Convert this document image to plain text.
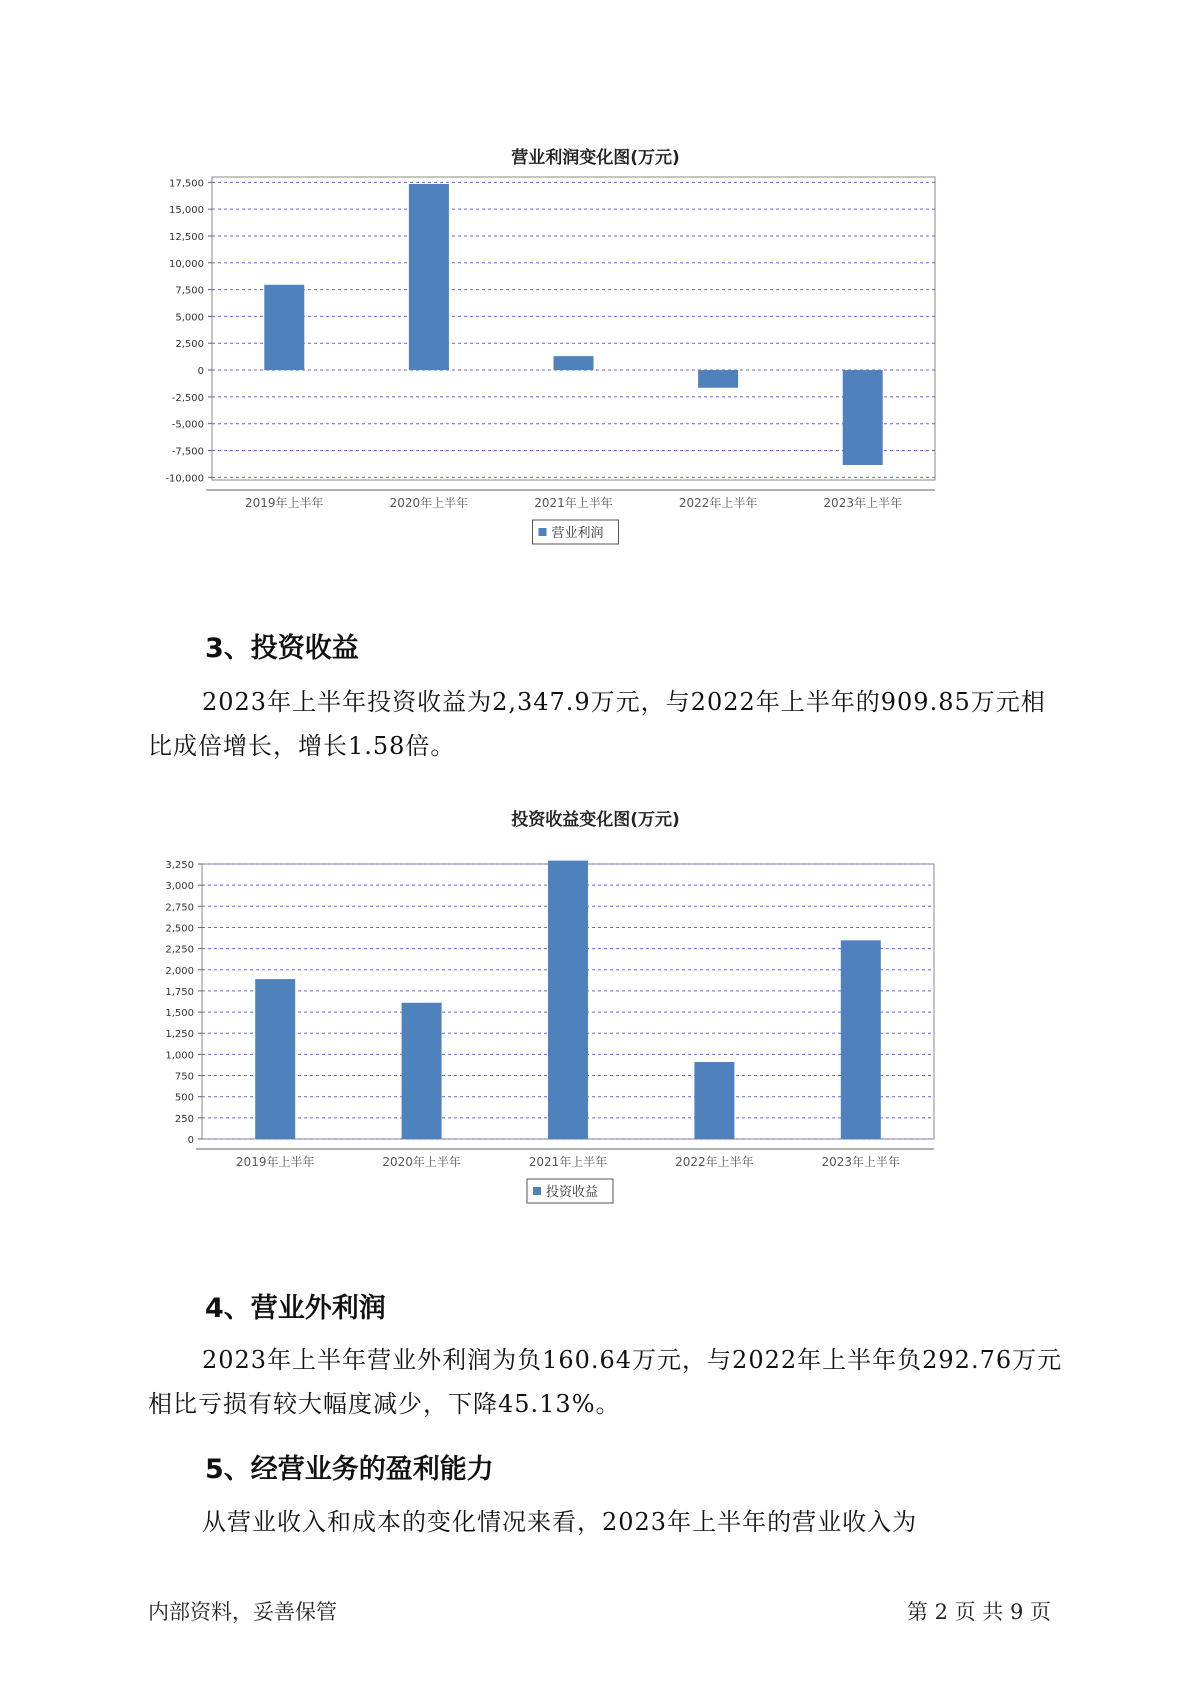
营业利润变化图(万元)
17,500
15,000
12,500
10,000
7,500
5,000
2,500
0
-2,500
-5,000
-7,500
-10,000
2019年上半年	2020年上半年	2021年上半年	2022年上半年	2023年上半年
营业利润
3、投资收益

2023年上半年投资收益为2,347.9万元，与2022年上半年的909.85万元相比成倍增长，增长1.58倍。

投资收益变化图(万元)
3,250
3,000
2,750
2,500
2,250
2,000
1,750
1,500
1,250
1,000
750
500
250
0
2019年上半年	2020年上半年	2021年上半年	2022年上半年	2023年上半年
投资收益
4、营业外利润

2023年上半年营业外利润为负160.64万元，与2022年上半年负292.76万元相比亏损有较大幅度减少，下降45.13%。

5、经营业务的盈利能力

从营业收入和成本的变化情况来看，2023年上半年的营业收入为

内部资料，妥善保管	第 2 页 共 9 页
